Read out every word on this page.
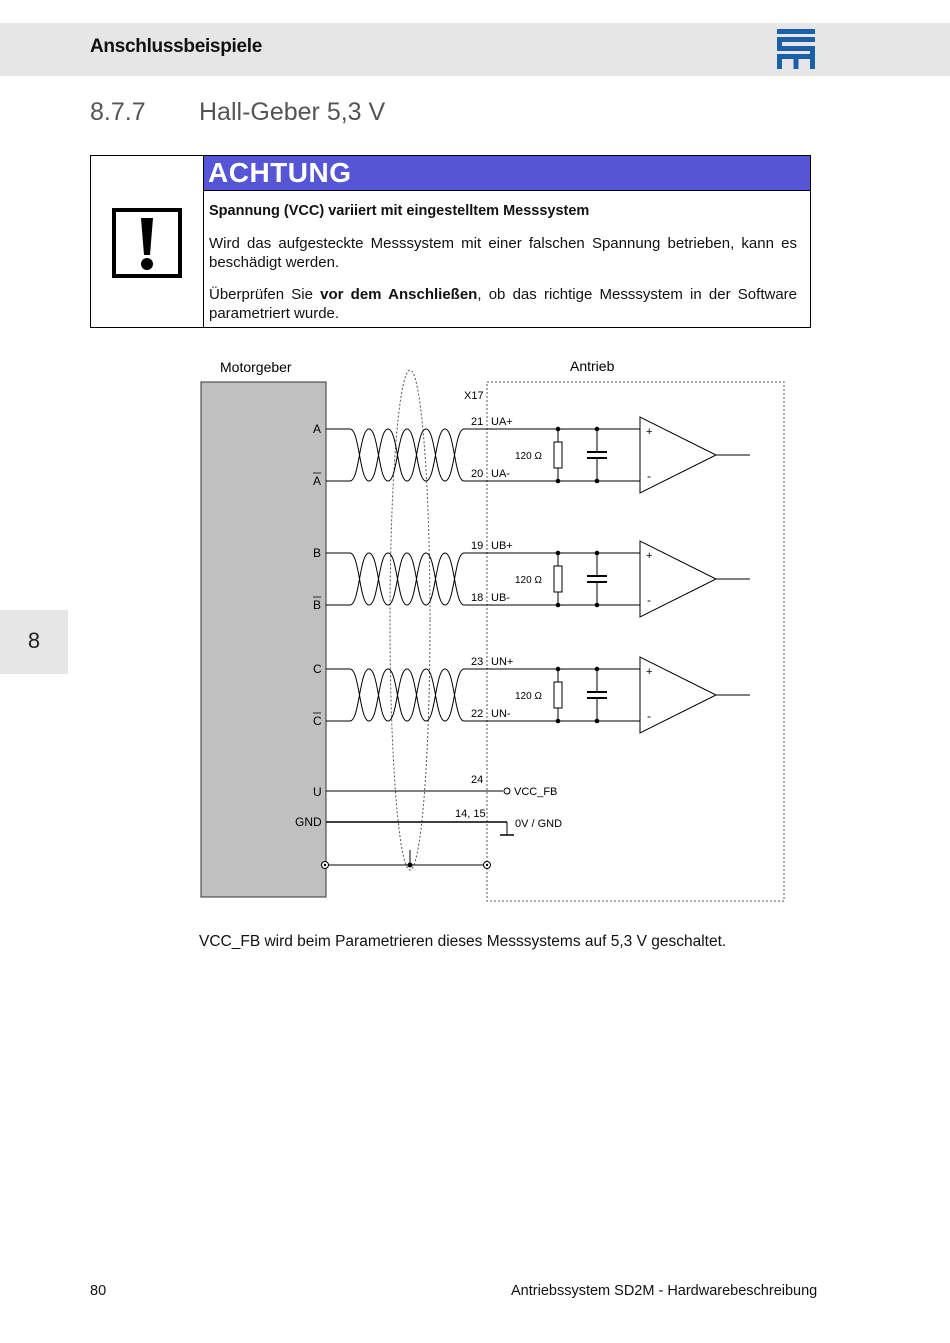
Anschlussbeispiele
8.7.7 Hall-Geber 5,3 V
ACHTUNG
Spannung (VCC) variiert mit eingestelltem Messsystem
Wird das aufgesteckte Messsystem mit einer falschen Spannung betrieben, kann es beschädigt werden.
Überprüfen Sie vor dem Anschließen, ob das richtige Messsystem in der Software parametriert wurde.
Motorgeber	Antrieb
X17
120 Ω
+
-
21 UA+
20 UA-
A
A
120 Ω
+
-
19 UB+
18 UB-
B
B
120 Ω
+
-
23 UN+
22 UN-
C
C
U
24
VCC_FB
GND
14, 15
0V / GND
VCC_FB wird beim Parametrieren dieses Messsystems auf 5,3 V geschaltet.
8
80	Antriebssystem SD2M - Hardwarebeschreibung
